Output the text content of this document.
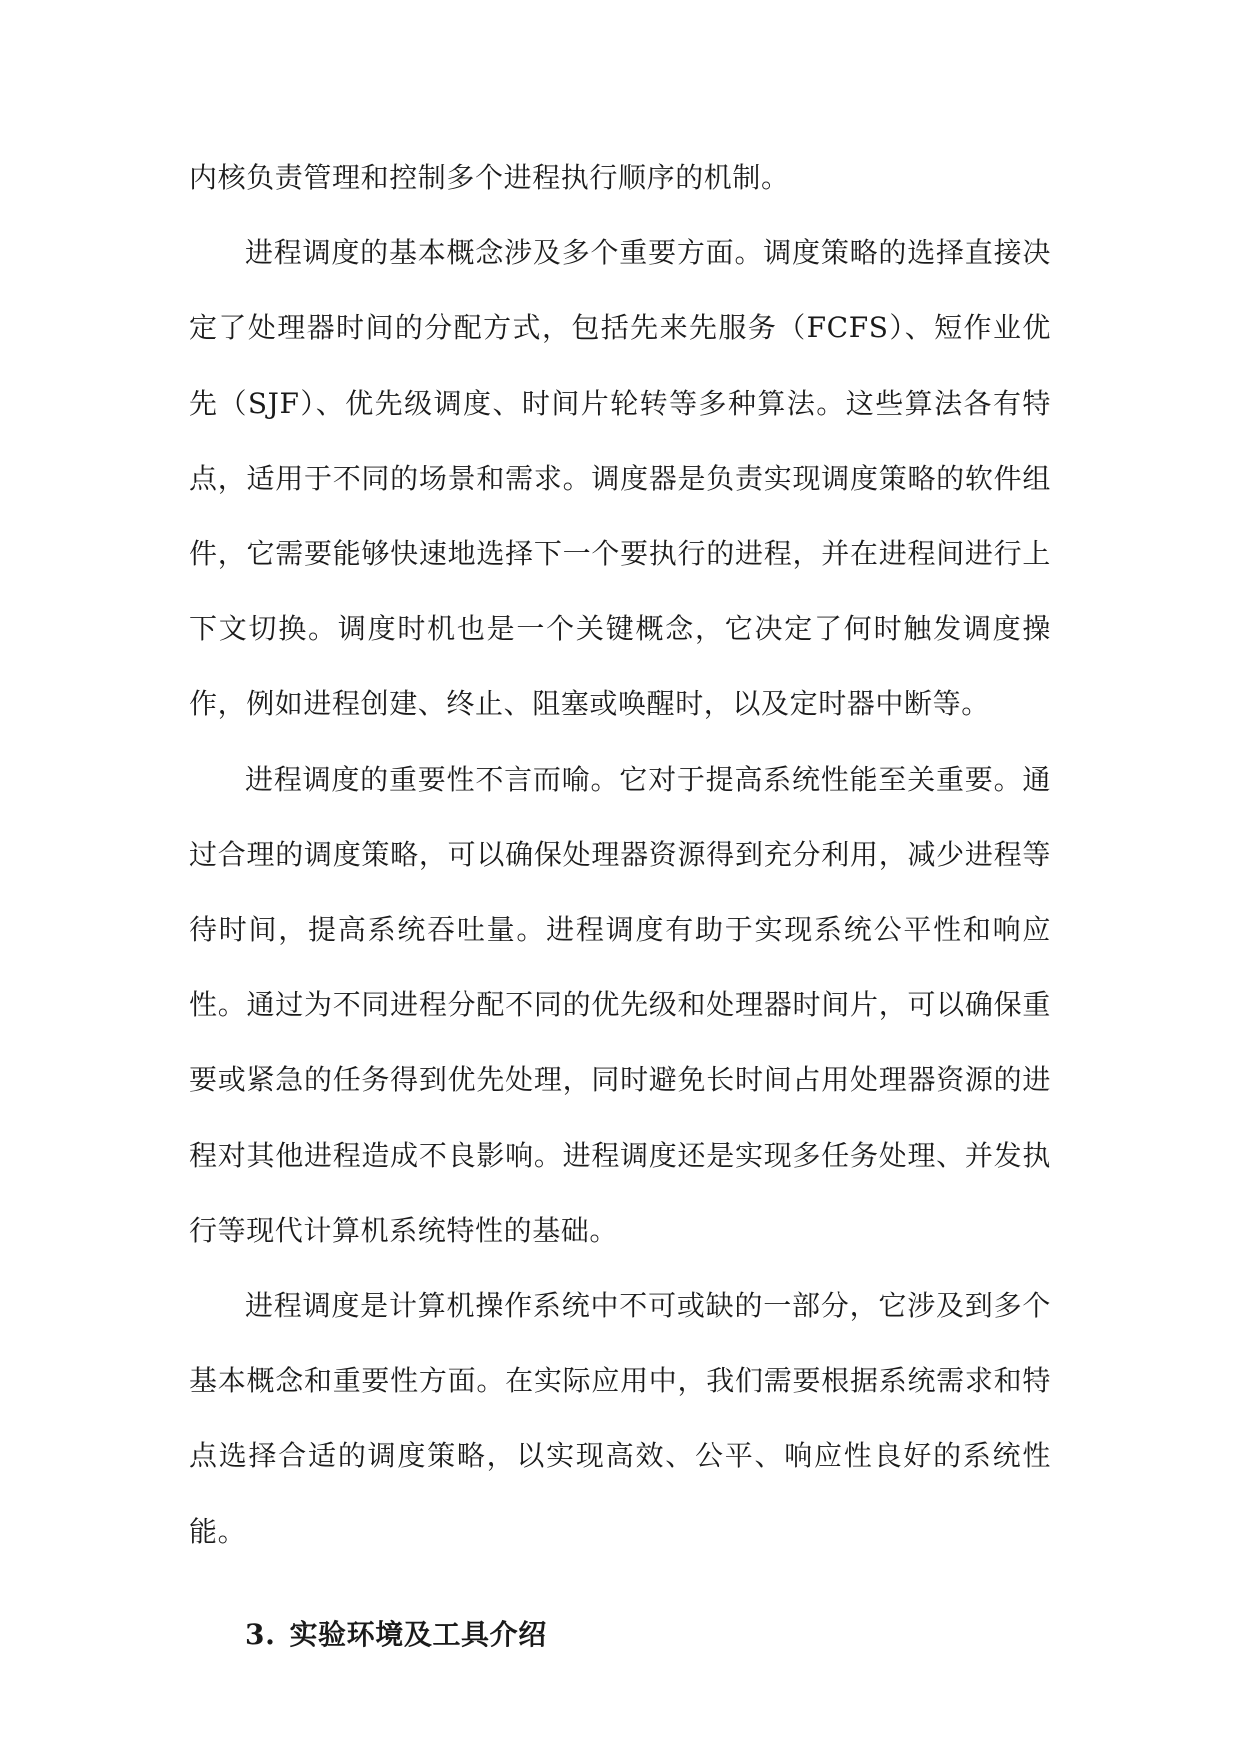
内核负责管理和控制多个进程执行顺序的机制。

进程调度的基本概念涉及多个重要方面。调度策略的选择直接决定了处理器时间的分配方式，包括先来先服务（FCFS）、短作业优先（SJF）、优先级调度、时间片轮转等多种算法。这些算法各有特点，适用于不同的场景和需求。调度器是负责实现调度策略的软件组件，它需要能够快速地选择下一个要执行的进程，并在进程间进行上下文切换。调度时机也是一个关键概念，它决定了何时触发调度操作，例如进程创建、终止、阻塞或唤醒时，以及定时器中断等。

进程调度的重要性不言而喻。它对于提高系统性能至关重要。通过合理的调度策略，可以确保处理器资源得到充分利用，减少进程等待时间，提高系统吞吐量。进程调度有助于实现系统公平性和响应性。通过为不同进程分配不同的优先级和处理器时间片，可以确保重要或紧急的任务得到优先处理，同时避免长时间占用处理器资源的进程对其他进程造成不良影响。进程调度还是实现多任务处理、并发执行等现代计算机系统特性的基础。

进程调度是计算机操作系统中不可或缺的一部分，它涉及到多个基本概念和重要性方面。在实际应用中，我们需要根据系统需求和特点选择合适的调度策略，以实现高效、公平、响应性良好的系统性能。

3. 实验环境及工具介绍
